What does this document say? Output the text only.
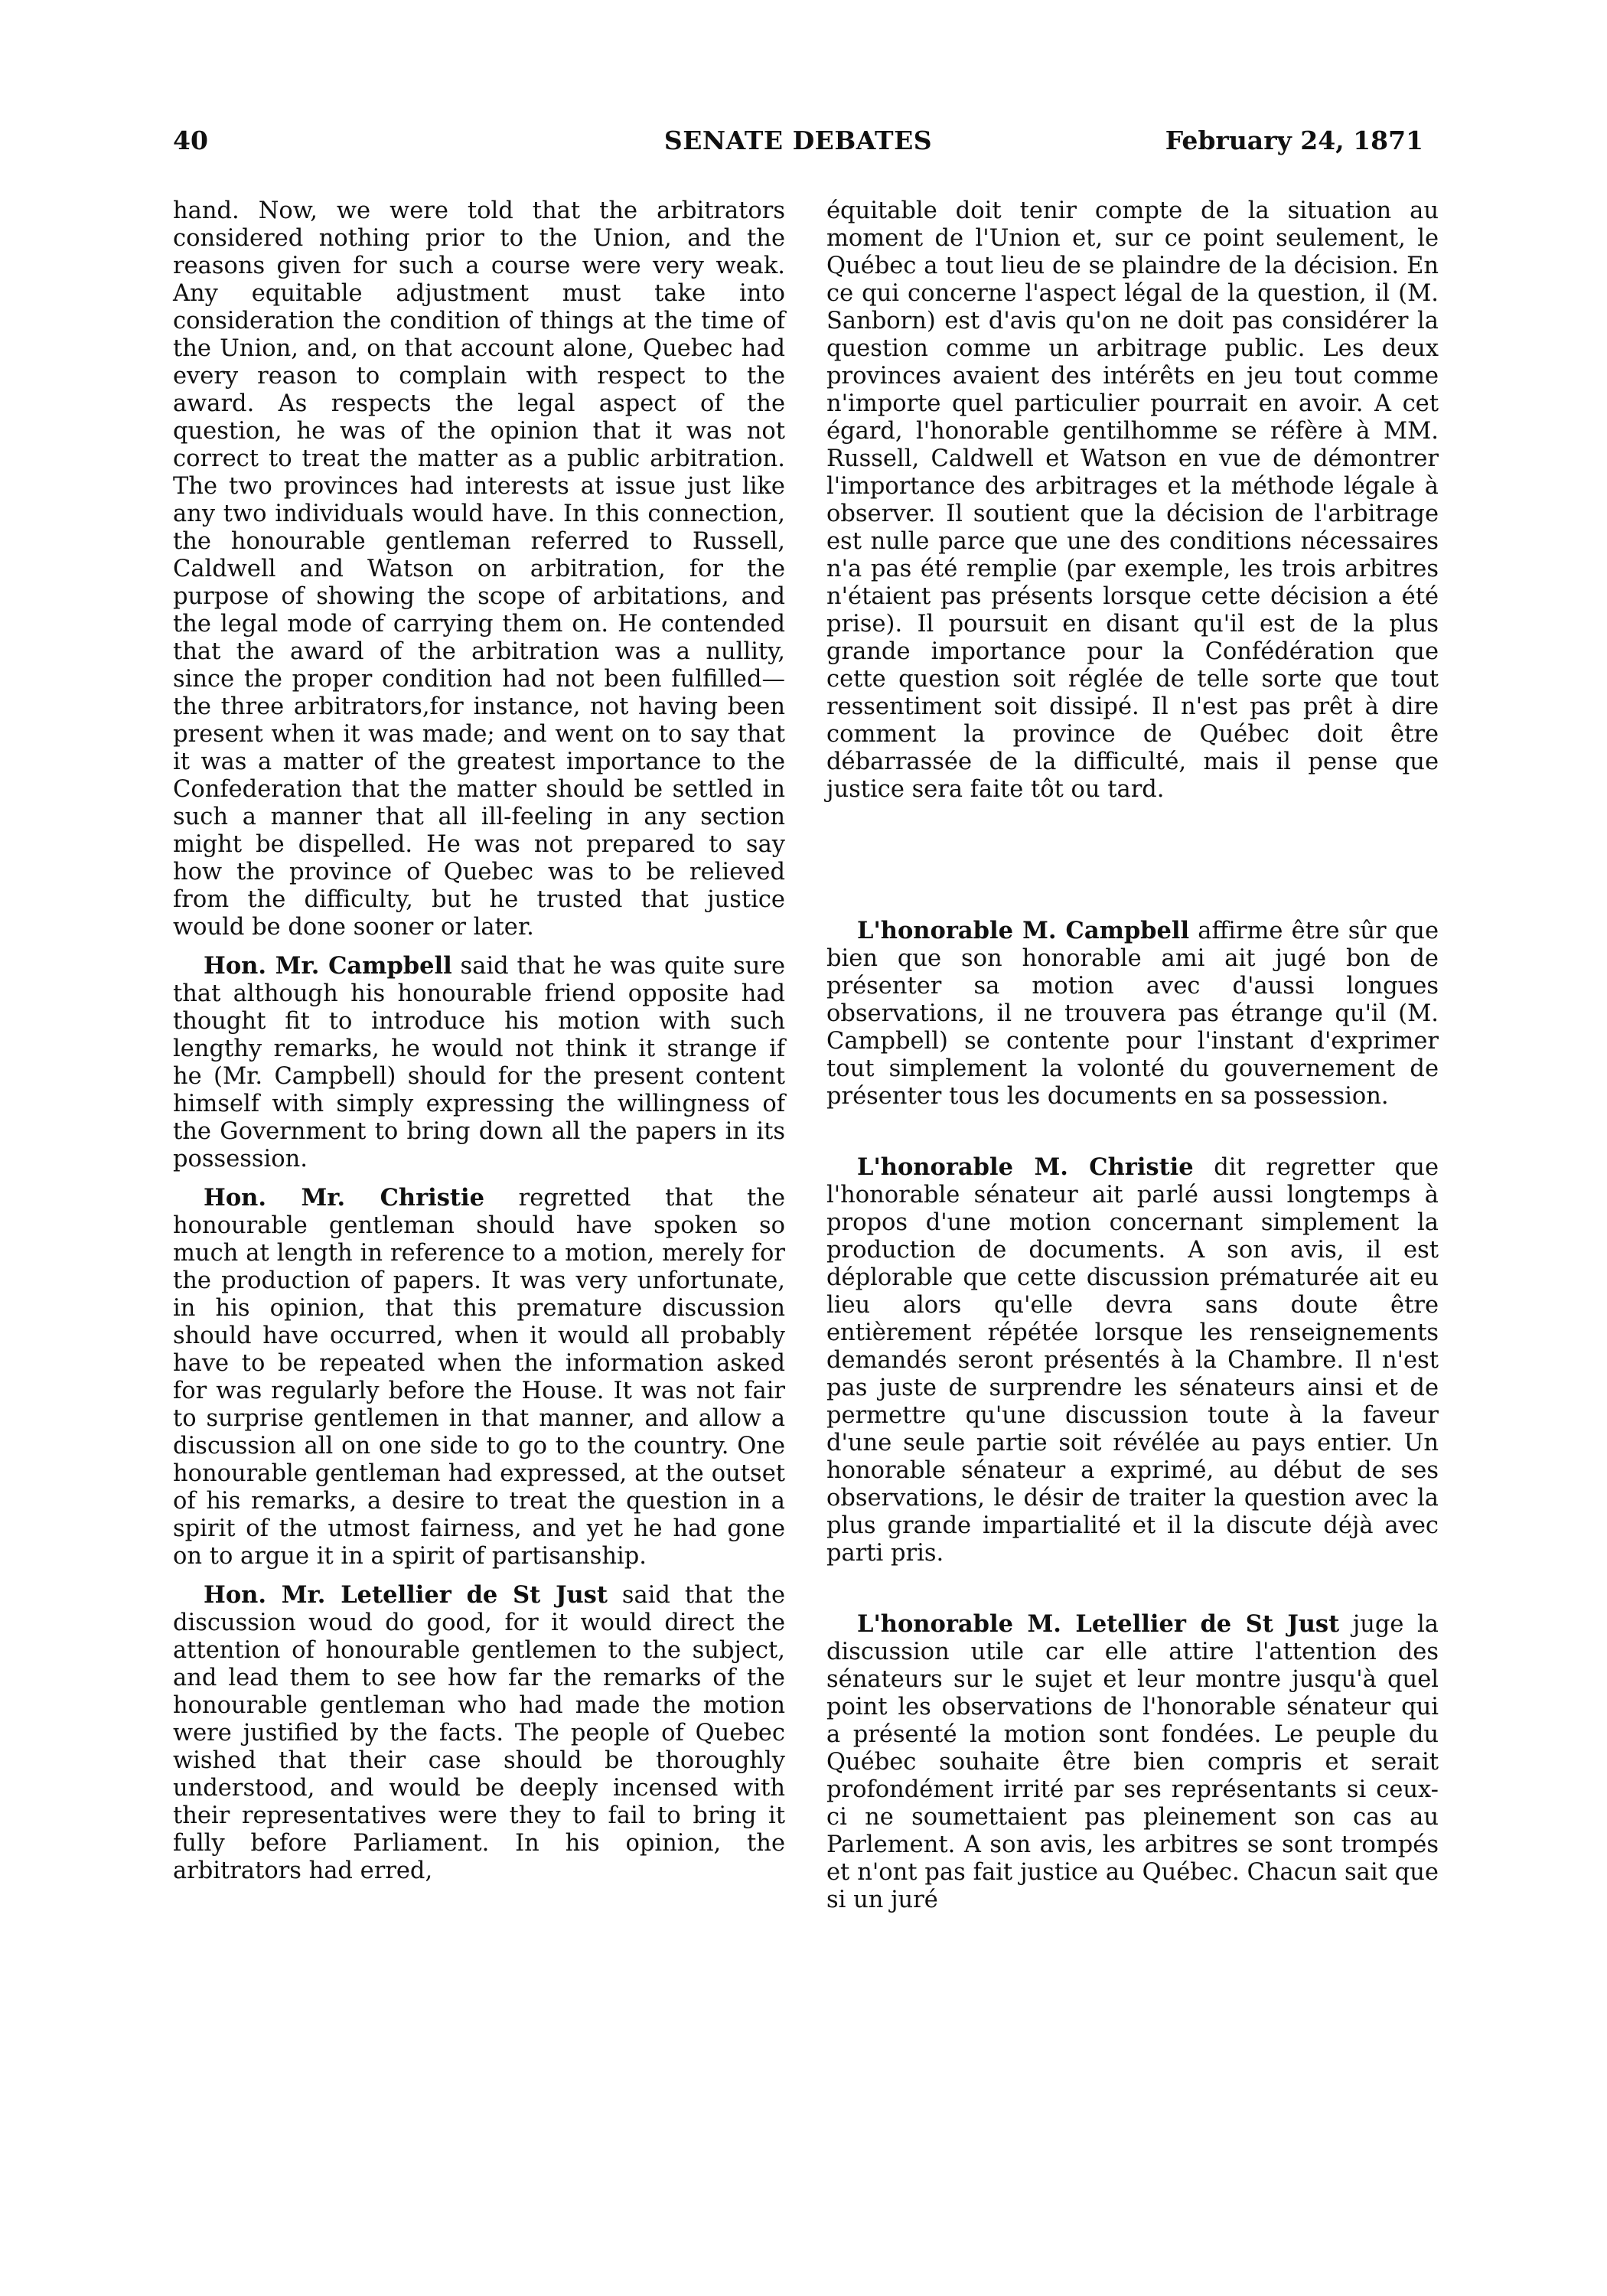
40	SENATE DEBATES	February 24, 1871

hand. Now, we were told that the arbitrators considered nothing prior to the Union, and the reasons given for such a course were very weak. Any equitable adjustment must take into consideration the condition of things at the time of the Union, and, on that account alone, Quebec had every reason to complain with respect to the award. As respects the legal aspect of the question, he was of the opinion that it was not correct to treat the matter as a public arbitration. The two provinces had interests at issue just like any two individuals would have. In this connection, the honourable gentleman referred to Russell, Caldwell and Watson on arbitration, for the purpose of showing the scope of arbitations, and the legal mode of carrying them on. He contended that the award of the arbitration was a nullity, since the proper condition had not been fulfilled—the three arbitrators,for instance, not having been present when it was made; and went on to say that it was a matter of the greatest importance to the Confederation that the matter should be settled in such a manner that all ill-feeling in any section might be dispelled. He was not prepared to say how the province of Quebec was to be relieved from the difficulty, but he trusted that justice would be done sooner or later.

Hon. Mr. Campbell said that he was quite sure that although his honourable friend opposite had thought fit to introduce his motion with such lengthy remarks, he would not think it strange if he (Mr. Campbell) should for the present content himself with simply expressing the willingness of the Government to bring down all the papers in its possession.

Hon. Mr. Christie regretted that the honourable gentleman should have spoken so much at length in reference to a motion, merely for the production of papers. It was very unfortunate, in his opinion, that this premature discussion should have occurred, when it would all probably have to be repeated when the information asked for was regularly before the House. It was not fair to surprise gentlemen in that manner, and allow a discussion all on one side to go to the country. One honourable gentleman had expressed, at the outset of his remarks, a desire to treat the question in a spirit of the utmost fairness, and yet he had gone on to argue it in a spirit of partisanship.

Hon. Mr. Letellier de St Just said that the discussion woud do good, for it would direct the attention of honourable gentlemen to the subject, and lead them to see how far the remarks of the honourable gentleman who had made the motion were justified by the facts. The people of Quebec wished that their case should be thoroughly understood, and would be deeply incensed with their representatives were they to fail to bring it fully before Parliament. In his opinion, the arbitrators had erred,

équitable doit tenir compte de la situation au moment de l'Union et, sur ce point seulement, le Québec a tout lieu de se plaindre de la décision. En ce qui concerne l'aspect légal de la question, il (M. Sanborn) est d'avis qu'on ne doit pas considérer la question comme un arbitrage public. Les deux provinces avaient des intérêts en jeu tout comme n'importe quel particulier pourrait en avoir. A cet égard, l'honorable gentilhomme se réfère à MM. Russell, Caldwell et Watson en vue de démontrer l'importance des arbitrages et la méthode légale à observer. Il soutient que la décision de l'arbitrage est nulle parce que une des conditions nécessaires n'a pas été remplie (par exemple, les trois arbitres n'étaient pas présents lorsque cette décision a été prise). Il poursuit en disant qu'il est de la plus grande importance pour la Confédération que cette question soit réglée de telle sorte que tout ressentiment soit dissipé. Il n'est pas prêt à dire comment la province de Québec doit être débarrassée de la difficulté, mais il pense que justice sera faite tôt ou tard.

L'honorable M. Campbell affirme être sûr que bien que son honorable ami ait jugé bon de présenter sa motion avec d'aussi longues observations, il ne trouvera pas étrange qu'il (M. Campbell) se contente pour l'instant d'exprimer tout simplement la volonté du gouvernement de présenter tous les documents en sa possession.

L'honorable M. Christie dit regretter que l'honorable sénateur ait parlé aussi longtemps à propos d'une motion concernant simplement la production de documents. A son avis, il est déplorable que cette discussion prématurée ait eu lieu alors qu'elle devra sans doute être entièrement répétée lorsque les renseignements demandés seront présentés à la Chambre. Il n'est pas juste de surprendre les sénateurs ainsi et de permettre qu'une discussion toute à la faveur d'une seule partie soit révélée au pays entier. Un honorable sénateur a exprimé, au début de ses observations, le désir de traiter la question avec la plus grande impartialité et il la discute déjà avec parti pris.

L'honorable M. Letellier de St Just juge la discussion utile car elle attire l'attention des sénateurs sur le sujet et leur montre jusqu'à quel point les observations de l'honorable sénateur qui a présenté la motion sont fondées. Le peuple du Québec souhaite être bien compris et serait profondément irrité par ses représentants si ceux-ci ne soumettaient pas pleinement son cas au Parlement. A son avis, les arbitres se sont trompés et n'ont pas fait justice au Québec. Chacun sait que si un juré
